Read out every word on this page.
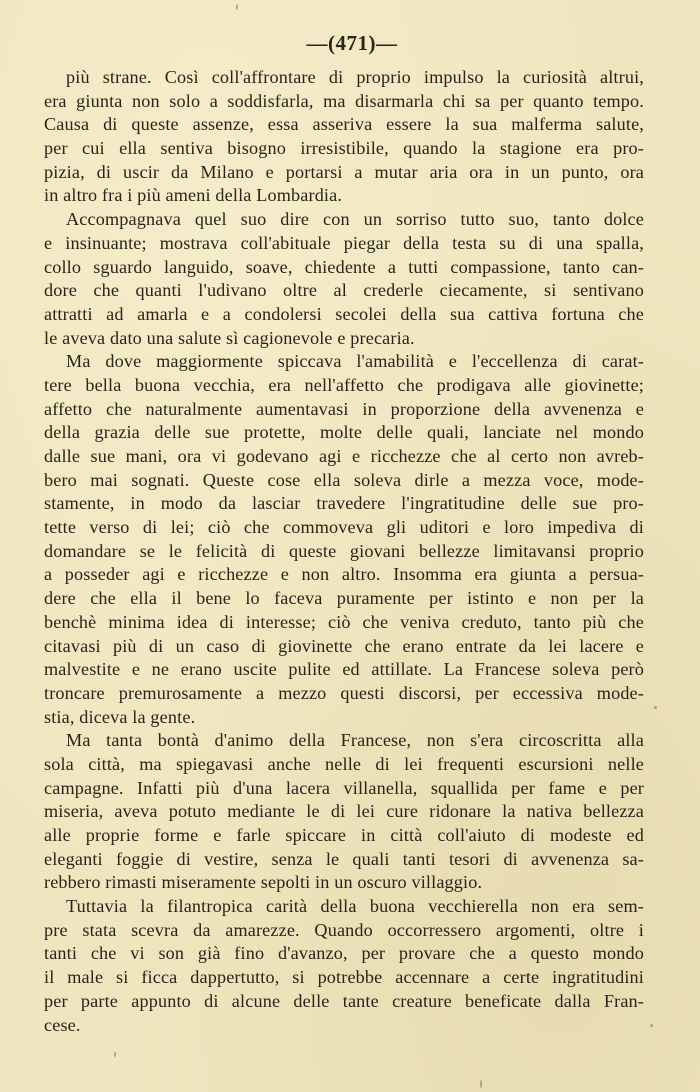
—( 471 )—
più strane. Così coll'affrontare di proprio impulso la curiosità altrui,
era giunta non solo a soddisfarla, ma disarmarla chi sa per quanto tempo.
Causa di queste assenze, essa asseriva essere la sua malferma salute,
per cui ella sentiva bisogno irresistibile, quando la stagione era pro-
pizia, di uscir da Milano e portarsi a mutar aria ora in un punto, ora
in altro fra i più ameni della Lombardia.
Accompagnava quel suo dire con un sorriso tutto suo, tanto dolce
e insinuante; mostrava coll'abituale piegar della testa su di una spalla,
collo sguardo languido, soave, chiedente a tutti compassione, tanto can-
dore che quanti l'udivano oltre al crederle ciecamente, si sentivano
attratti ad amarla e a condolersi secolei della sua cattiva fortuna che
le aveva dato una salute sì cagionevole e precaria.
Ma dove maggiormente spiccava l'amabilità e l'eccellenza di carat-
tere bella buona vecchia, era nell'affetto che prodigava alle giovinette;
affetto che naturalmente aumentavasi in proporzione della avvenenza e
della grazia delle sue protette, molte delle quali, lanciate nel mondo
dalle sue mani, ora vi godevano agi e ricchezze che al certo non avreb-
bero mai sognati. Queste cose ella soleva dirle a mezza voce, mode-
stamente, in modo da lasciar travedere l'ingratitudine delle sue pro-
tette verso di lei; ciò che commoveva gli uditori e loro impediva di
domandare se le felicità di queste giovani bellezze limitavansi proprio
a posseder agi e ricchezze e non altro. Insomma era giunta a persua-
dere che ella il bene lo faceva puramente per istinto e non per la
benchè minima idea di interesse; ciò che veniva creduto, tanto più che
citavasi più di un caso di giovinette che erano entrate da lei lacere e
malvestite e ne erano uscite pulite ed attillate. La Francese soleva però
troncare premurosamente a mezzo questi discorsi, per eccessiva mode-
stia, diceva la gente.
Ma tanta bontà d'animo della Francese, non s'era circoscritta alla
sola città, ma spiegavasi anche nelle di lei frequenti escursioni nelle
campagne. Infatti più d'una lacera villanella, squallida per fame e per
miseria, aveva potuto mediante le di lei cure ridonare la nativa bellezza
alle proprie forme e farle spiccare in città coll'aiuto di modeste ed
eleganti foggie di vestire, senza le quali tanti tesori di avvenenza sa-
rebbero rimasti miseramente sepolti in un oscuro villaggio.
Tuttavia la filantropica carità della buona vecchierella non era sem-
pre stata scevra da amarezze. Quando occorressero argomenti, oltre i
tanti che vi son già fino d'avanzo, per provare che a questo mondo
il male si ficca dappertutto, si potrebbe accennare a certe ingratitudini
per parte appunto di alcune delle tante creature beneficate dalla Fran-
cese.
